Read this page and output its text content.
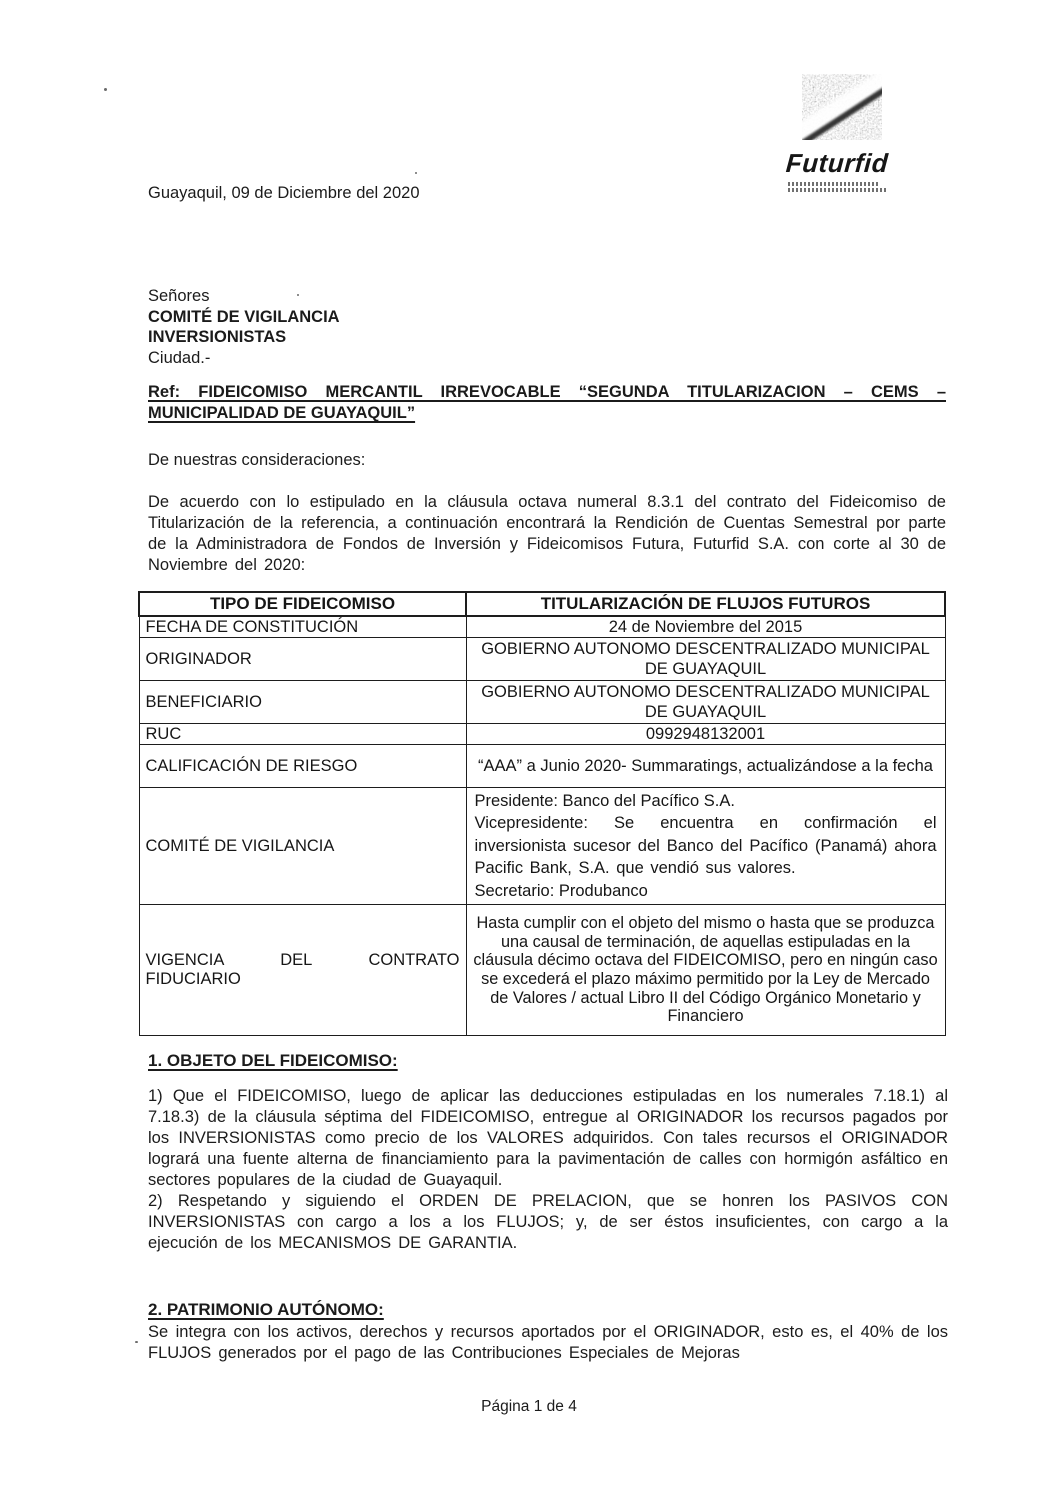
Futurfid
Guayaquil, 09 de Diciembre del 2020
Señores
COMITÉ DE VIGILANCIA
INVERSIONISTAS
Ciudad.-
Ref: FIDEICOMISO MERCANTIL IRREVOCABLE “SEGUNDA TITULARIZACION – CEMS –
MUNICIPALIDAD DE GUAYAQUIL”
De nuestras consideraciones:
De acuerdo con lo estipulado en la cláusula octava numeral 8.3.1 del contrato del Fideicomiso de Titularización de la referencia, a continuación encontrará la Rendición de Cuentas Semestral por parte de la Administradora de Fondos de Inversión y Fideicomisos Futura, Futurfid S.A. con corte al 30 de Noviembre del 2020:
TIPO DE FIDEICOMISO	TITULARIZACIÓN DE FLUJOS FUTUROS
FECHA DE CONSTITUCIÓN	24 de Noviembre del 2015
ORIGINADOR	GOBIERNO AUTONOMO DESCENTRALIZADO MUNICIPAL DE GUAYAQUIL
BENEFICIARIO	GOBIERNO AUTONOMO DESCENTRALIZADO MUNICIPAL DE GUAYAQUIL
RUC	0992948132001
CALIFICACIÓN DE RIESGO	“AAA” a Junio 2020- Summaratings, actualizándose a la fecha
COMITÉ DE VIGILANCIA	Presidente: Banco del Pacífico S.A.
Vicepresidente: Se encuentra en confirmación el inversionista sucesor del Banco del Pacífico (Panamá) ahora Pacific Bank, S.A. que vendió sus valores.
Secretario: Produbanco

VIGENCIA DEL CONTRATO
FIDUCIARIO	Hasta cumplir con el objeto del mismo o hasta que se produzca una causal de terminación, de aquellas estipuladas en la cláusula décimo octava del FIDEICOMISO, pero en ningún caso se excederá el plazo máximo permitido por la Ley de Mercado de Valores / actual Libro II del Código Orgánico Monetario y Financiero
1. OBJETO DEL FIDEICOMISO:
1) Que el FIDEICOMISO, luego de aplicar las deducciones estipuladas en los numerales 7.18.1) al 7.18.3) de la cláusula séptima del FIDEICOMISO, entregue al ORIGINADOR los recursos pagados por los INVERSIONISTAS como precio de los VALORES adquiridos. Con tales recursos el ORIGINADOR logrará una fuente alterna de financiamiento para la pavimentación de calles con hormigón asfáltico en sectores populares de la ciudad de Guayaquil.
2) Respetando y siguiendo el ORDEN DE PRELACION, que se honren los PASIVOS CON INVERSIONISTAS con cargo a los a los FLUJOS; y, de ser éstos insuficientes, con cargo a la ejecución de los MECANISMOS DE GARANTIA.
2. PATRIMONIO AUTÓNOMO:
Se integra con los activos, derechos y recursos aportados por el ORIGINADOR, esto es, el 40% de los FLUJOS generados por el pago de las Contribuciones Especiales de Mejoras
Página 1 de 4
